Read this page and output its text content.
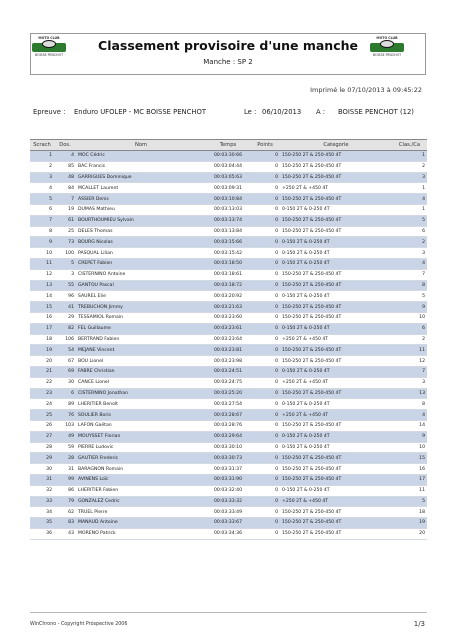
Classement provisoire d'une manche
Manche : SP 2
MOTO CLUB
BOISSE PENCHOT
MOTO CLUB
BOISSE PENCHOT
Imprimé le 07/10/2013 à 09:45:22
Epreuve : Enduro UFOLEP - MC BOISSE PENCHOT	Le : 06/10/2013 A : BOISSE PENCHOT (12)
Scrach	Dos.	Nom	Temps	Points	Categorie	Clas./Ca
1	4	MOC Cédric	00:03:30:66	0	150-250 2T & 250-450 4T	1
2	85	BAC Francis	00:03:04:44	0	150-250 2T & 250-450 4T	2
3	48	GARRIGUES Dominique	00:03:05:63	0	150-250 2T & 250-450 4T	3
4	84	MCALLET Laurent	00:03:09:31	0	+250 2T & +450 4T	1
5	7	ASSIER Denis	00:03:10:84	0	150-250 2T & 250-450 4T	4
6	19	DUMAS Mathieu	00:03:13:03	0	0-150 2T & 0-250 4T	1
7	61	BOURTHOUMIEU Sylvain	00:03:13:74	0	150-250 2T & 250-450 4T	5
8	25	DELES Thomas	00:03:13:84	0	150-250 2T & 250-450 4T	6
9	73	BOURG Nicolas	00:03:15:66	0	0-150 2T & 0-250 4T	2
10	100	PASQUAL Lilian	00:03:15:42	0	0-150 2T & 0-250 4T	3
11	5	CREPET Fabien	00:03:18:50	0	0-150 2T & 0-250 4T	4
12	3	CISTERNINO Antoine	00:03:18:61	0	150-250 2T & 250-450 4T	7
13	55	GANTOU Pascal	00:03:18:72	0	150-250 2T & 250-450 4T	8
14	96	SAUREL Elie	00:03:20:92	0	0-150 2T & 0-250 4T	5
15	41	TREBUCHON Jimmy	00:03:21:63	0	150-250 2T & 250-450 4T	9
16	29	TESSAMIOL Romain	00:03:23:60	0	150-250 2T & 250-450 4T	10
17	82	FEL Guillaume	00:03:23:61	0	0-150 2T & 0-250 4T	6
18	106	BERTRAND Fabien	00:03:23:64	0	+250 2T & +450 4T	2
19	54	MEJANE Vincent	00:03:23:81	0	150-250 2T & 250-450 4T	11
20	67	BOU Lionel	00:03:23:98	0	150-250 2T & 250-450 4T	12
21	69	FABRE Christian	00:03:24:51	0	0-150 2T & 0-250 4T	7
22	30	CANCE Lionel	00:03:24:75	0	+250 2T & +450 4T	3
23	6	CISTERNINO Jonathan	00:03:25:20	0	150-250 2T & 250-450 4T	13
24	89	LHERITIER Benoît	00:03:27:54	0	0-150 2T & 0-250 4T	8
25	76	SOULIER Boris	00:03:28:67	0	+250 2T & +450 4T	4
26	103	LAFON Gaëtan	00:03:28:76	0	150-250 2T & 250-450 4T	14
27	49	MOUYSSET Florian	00:03:29:64	0	0-150 2T & 0-250 4T	9
28	59	PIERRE Ludovic	00:03:30:10	0	0-150 2T & 0-250 4T	10
29	28	GAUTIER Frederic	00:03:30:73	0	150-250 2T & 250-450 4T	15
30	31	BARAGNON Romain	00:03:31:37	0	150-250 2T & 250-450 4T	16
31	99	AVINENS Loïc	00:03:31:90	0	150-250 2T & 250-450 4T	17
32	86	LHERITIER Fabien	00:03:32:40	0	0-150 2T & 0-250 4T	11
33	79	GONZALEZ Cedric	00:03:33:32	0	+250 2T & +450 4T	5
34	62	TRUEL Pierre	00:03:33:49	0	150-250 2T & 250-450 4T	18
35	83	MANAUD Antoine	00:03:33:67	0	150-250 2T & 250-450 4T	19
36	43	MORENO Patrick	00:03:34:36	0	150-250 2T & 250-450 4T	20
WinChrono - Copyright Prospective 2006	1/3
